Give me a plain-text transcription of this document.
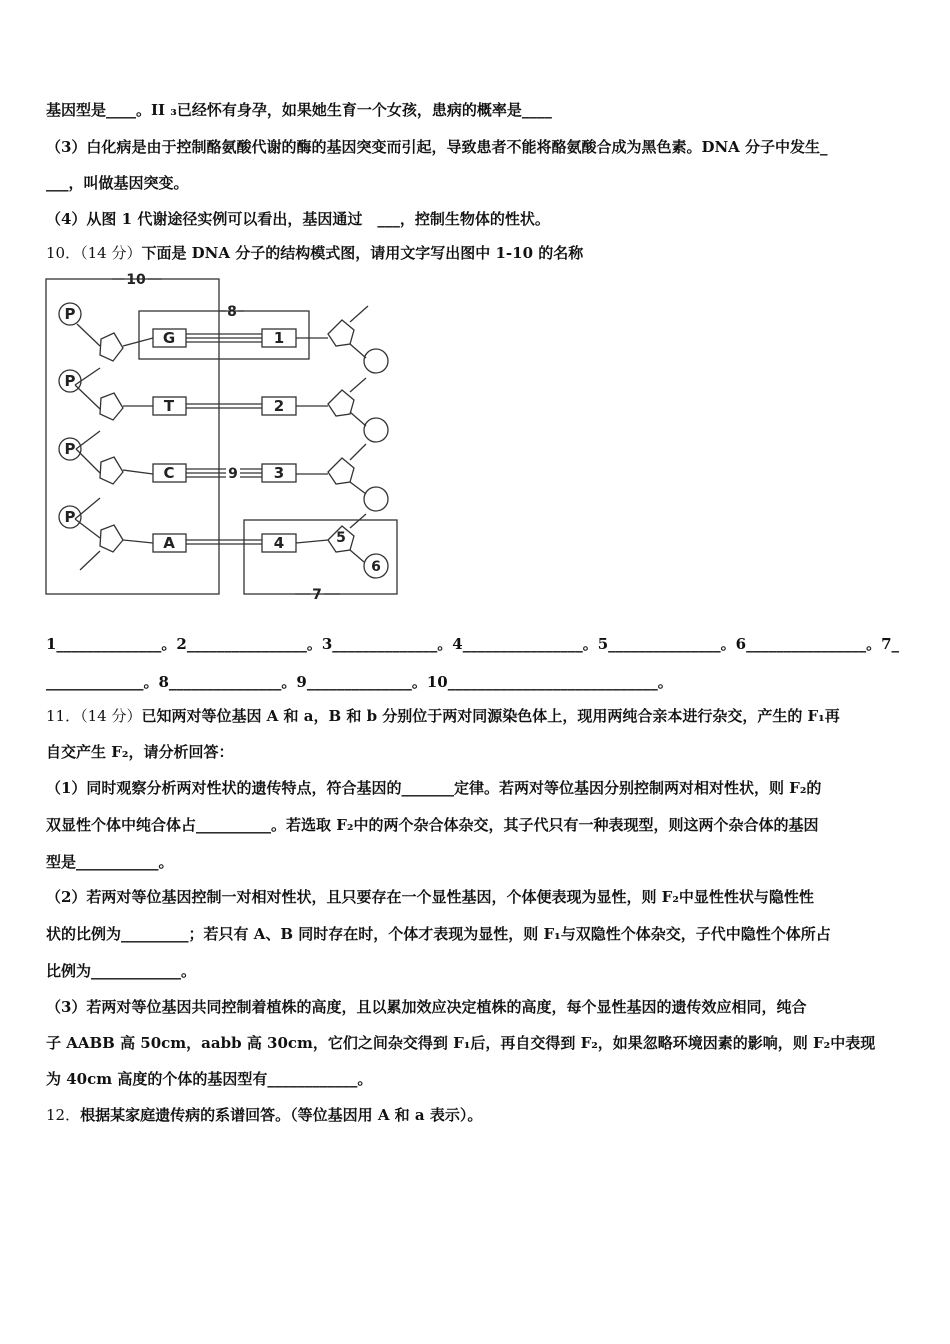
基因型是____。II ₃已经怀有身孕，如果她生育一个女孩，患病的概率是____
（3）白化病是由于控制酪氨酸代谢的酶的基因突变而引起，导致患者不能将酪氨酸合成为黑色素。DNA 分子中发生_
___，叫做基因突变。
（4）从图 1 代谢途径实例可以看出，基因通过　___，控制生物体的性状。
10．（14 分）下面是 DNA 分子的结构模式图，请用文字写出图中 1-10 的名称
P
P
P
P
G
T
C
A
1
2
3
4	5
6
7
8
9
10
1______________。2________________。3______________。4________________。5_______________。6________________。7_
_____________。8_______________。9______________。10____________________________。
11．（14 分）已知两对等位基因 A 和 a，B 和 b 分别位于两对同源染色体上，现用两纯合亲本进行杂交，产生的 F₁再
自交产生 F₂，请分析回答：
（1）同时观察分析两对性状的遗传特点，符合基因的_______定律。若两对等位基因分别控制两对相对性状，则 F₂的
双显性个体中纯合体占__________。若选取 F₂中的两个杂合体杂交，其子代只有一种表现型，则这两个杂合体的基因
型是___________。
（2）若两对等位基因控制一对相对性状，且只要存在一个显性基因，个体便表现为显性，则 F₂中显性性状与隐性性
状的比例为_________；若只有 A、B 同时存在时，个体才表现为显性，则 F₁与双隐性个体杂交，子代中隐性个体所占
比例为____________。
（3）若两对等位基因共同控制着植株的高度，且以累加效应决定植株的高度，每个显性基因的遗传效应相同，纯合
子 AABB 高 50cm，aabb 高 30cm，它们之间杂交得到 F₁后，再自交得到 F₂，如果忽略环境因素的影响，则 F₂中表现
为 40cm 高度的个体的基因型有____________。
12．根据某家庭遗传病的系谱回答。（等位基因用 A 和 a 表示）。
